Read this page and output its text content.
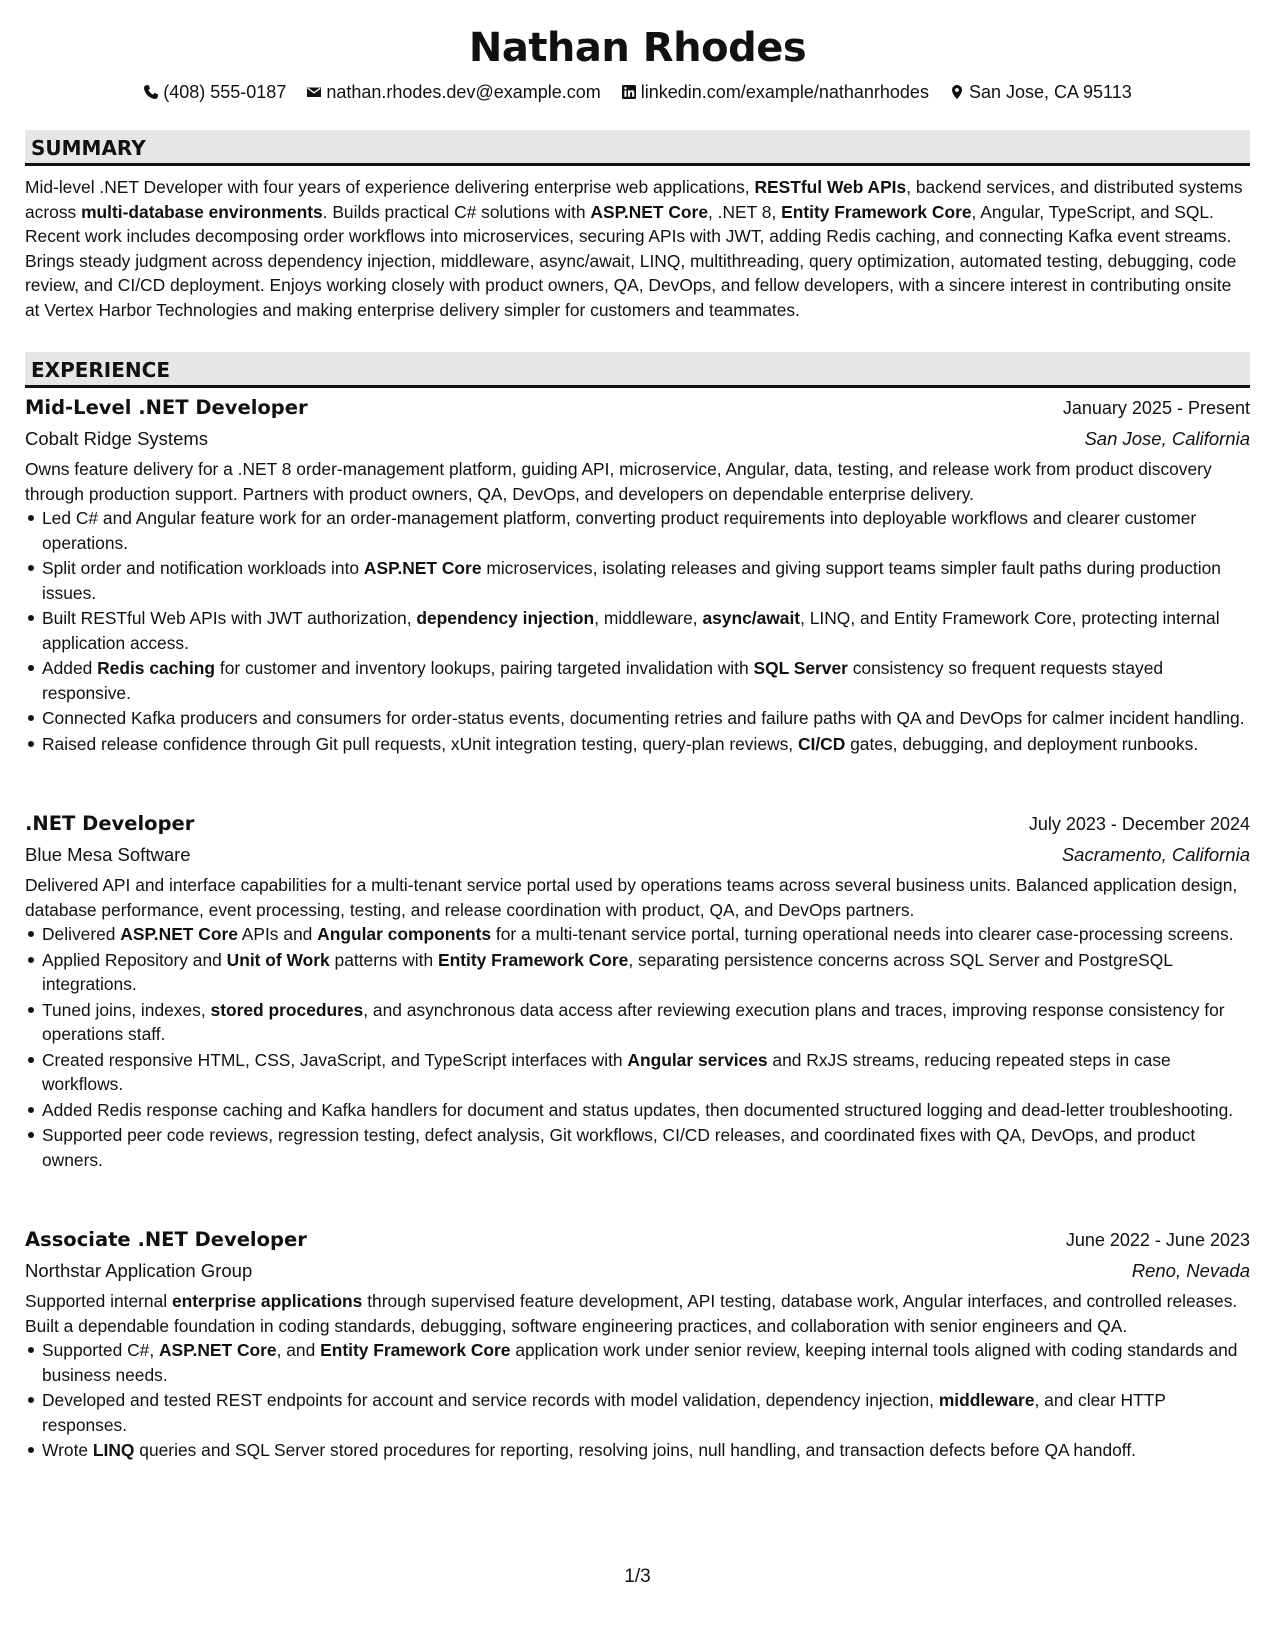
Nathan Rhodes
(408) 555-0187 nathan.rhodes.dev@example.com linkedin.com/example/nathanrhodes San Jose, CA 95113
SUMMARY

Mid-level .NET Developer with four years of experience delivering enterprise web applications, RESTful Web APIs, backend services, and distributed systems across multi-database environments. Builds practical C# solutions with ASP.NET Core, .NET 8, Entity Framework Core, Angular, TypeScript, and SQL. Recent work includes decomposing order workflows into microservices, securing APIs with JWT, adding Redis caching, and connecting Kafka event streams. Brings steady judgment across dependency injection, middleware, async/await, LINQ, multithreading, query optimization, automated testing, debugging, code review, and CI/CD deployment. Enjoys working closely with product owners, QA, DevOps, and fellow developers, with a sincere interest in contributing onsite at Vertex Harbor Technologies and making enterprise delivery simpler for customers and teammates.

EXPERIENCE
Mid-Level .NET Developer	January 2025 - Present
Cobalt Ridge Systems	San Jose, California

Owns feature delivery for a .NET 8 order-management platform, guiding API, microservice, Angular, data, testing, and release work from product discovery through production support. Partners with product owners, QA, DevOps, and developers on dependable enterprise delivery.

Led C# and Angular feature work for an order-management platform, converting product requirements into deployable workflows and clearer customer operations.
Split order and notification workloads into ASP.NET Core microservices, isolating releases and giving support teams simpler fault paths during production issues.
Built RESTful Web APIs with JWT authorization, dependency injection, middleware, async/await, LINQ, and Entity Framework Core, protecting internal application access.
Added Redis caching for customer and inventory lookups, pairing targeted invalidation with SQL Server consistency so frequent requests stayed responsive.
Connected Kafka producers and consumers for order-status events, documenting retries and failure paths with QA and DevOps for calmer incident handling.
Raised release confidence through Git pull requests, xUnit integration testing, query-plan reviews, CI/CD gates, debugging, and deployment runbooks.
.NET Developer	July 2023 - December 2024
Blue Mesa Software	Sacramento, California

Delivered API and interface capabilities for a multi-tenant service portal used by operations teams across several business units. Balanced application design, database performance, event processing, testing, and release coordination with product, QA, and DevOps partners.

Delivered ASP.NET Core APIs and Angular components for a multi-tenant service portal, turning operational needs into clearer case-processing screens.
Applied Repository and Unit of Work patterns with Entity Framework Core, separating persistence concerns across SQL Server and PostgreSQL integrations.
Tuned joins, indexes, stored procedures, and asynchronous data access after reviewing execution plans and traces, improving response consistency for operations staff.
Created responsive HTML, CSS, JavaScript, and TypeScript interfaces with Angular services and RxJS streams, reducing repeated steps in case workflows.
Added Redis response caching and Kafka handlers for document and status updates, then documented structured logging and dead-letter troubleshooting.
Supported peer code reviews, regression testing, defect analysis, Git workflows, CI/CD releases, and coordinated fixes with QA, DevOps, and product owners.
Associate .NET Developer	June 2022 - June 2023
Northstar Application Group	Reno, Nevada

Supported internal enterprise applications through supervised feature development, API testing, database work, Angular interfaces, and controlled releases. Built a dependable foundation in coding standards, debugging, software engineering practices, and collaboration with senior engineers and QA.

Supported C#, ASP.NET Core, and Entity Framework Core application work under senior review, keeping internal tools aligned with coding standards and business needs.
Developed and tested REST endpoints for account and service records with model validation, dependency injection, middleware, and clear HTTP responses.
Wrote LINQ queries and SQL Server stored procedures for reporting, resolving joins, null handling, and transaction defects before QA handoff.
1/3
